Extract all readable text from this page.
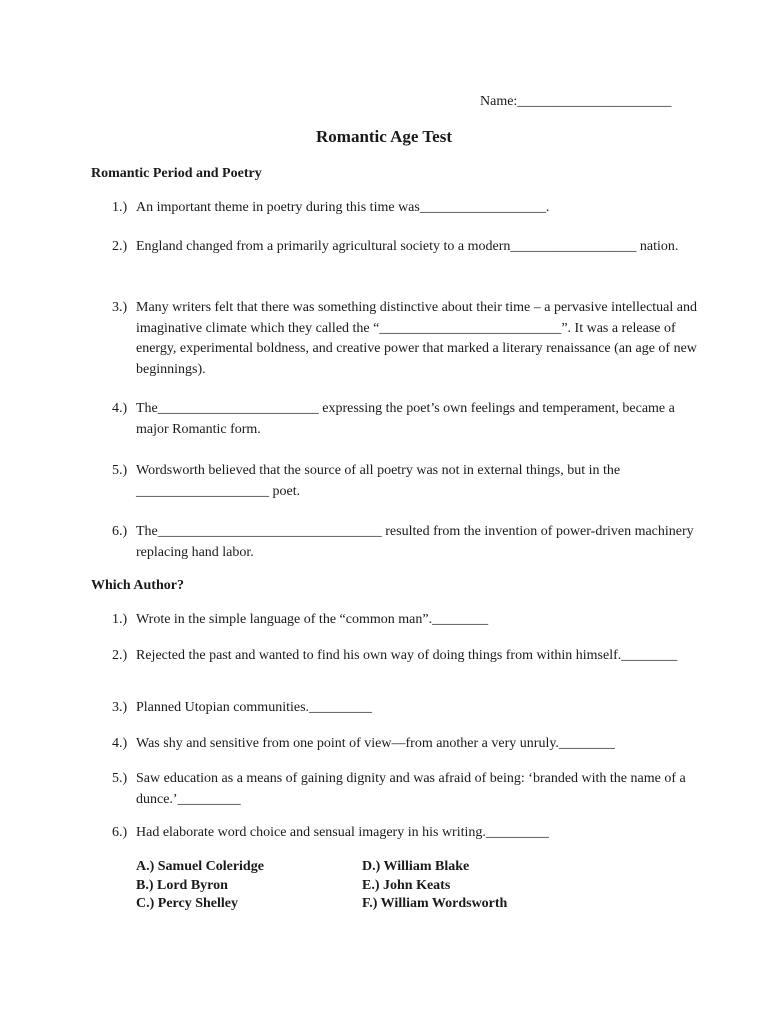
Name:______________________
Romantic Age Test
Romantic Period and Poetry
1.) An important theme in poetry during this time was__________________.
2.) England changed from a primarily agricultural society to a modern__________________ nation.
3.) Many writers felt that there was something distinctive about their time – a pervasive intellectual and imaginative climate which they called the “__________________________”. It was a release of energy, experimental boldness, and creative power that marked a literary renaissance (an age of new beginnings).
4.) The_______________________ expressing the poet’s own feelings and temperament, became a major Romantic form.
5.) Wordsworth believed that the source of all poetry was not in external things, but in the ___________________ poet.
6.) The________________________________ resulted from the invention of power-driven machinery replacing hand labor.
Which Author?
1.) Wrote in the simple language of the “common man”.________
2.) Rejected the past and wanted to find his own way of doing things from within himself.________
3.) Planned Utopian communities._________
4.) Was shy and sensitive from one point of view—from another a very unruly.________
5.) Saw education as a means of gaining dignity and was afraid of being: ‘branded with the name of a dunce.’_________
6.) Had elaborate word choice and sensual imagery in his writing._________
A.) Samuel Coleridge
B.) Lord Byron
C.) Percy Shelley
D.) William Blake
E.) John Keats
F.) William Wordsworth
